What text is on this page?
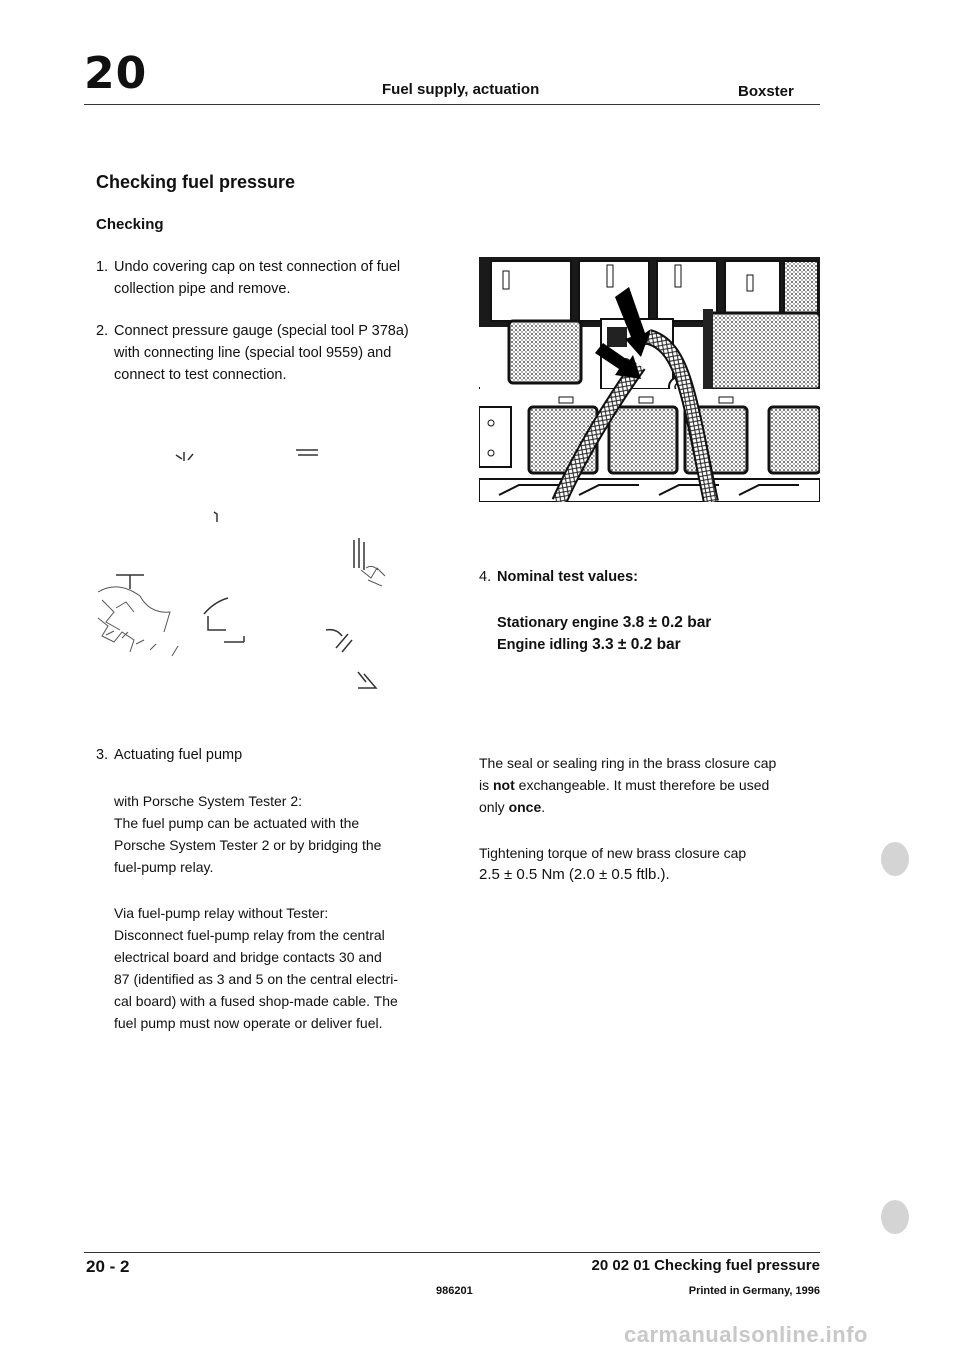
20	Fuel supply, actuation	Boxster
Checking fuel pressure
Checking
1. Undo covering cap on test connection of fuel
collection pipe and remove.
2. Connect pressure gauge (special tool P 378a)
with connecting line (special tool 9559) and
connect to test connection.
3. Actuating fuel pump
with Porsche System Tester 2:
The fuel pump can be actuated with the
Porsche System Tester 2 or by bridging the
fuel-pump relay.
Via fuel-pump relay without Tester:
Disconnect fuel-pump relay from the central
electrical board and bridge contacts 30 and
87 (identified as 3 and 5 on the central electri-
cal board) with a fused shop-made cable. The
fuel pump must now operate or deliver fuel.
4. Nominal test values:
Stationary engine 3.8 ± 0.2 bar
Engine idling 3.3 ± 0.2 bar
The seal or sealing ring in the brass closure cap
is not exchangeable. It must therefore be used
only once.
Tightening torque of new brass closure cap
2.5 ± 0.5 Nm (2.0 ± 0.5 ftlb.).
20 - 2	20 02 01 Checking fuel pressure
986201	Printed in Germany, 1996
carmanualsonline.info
